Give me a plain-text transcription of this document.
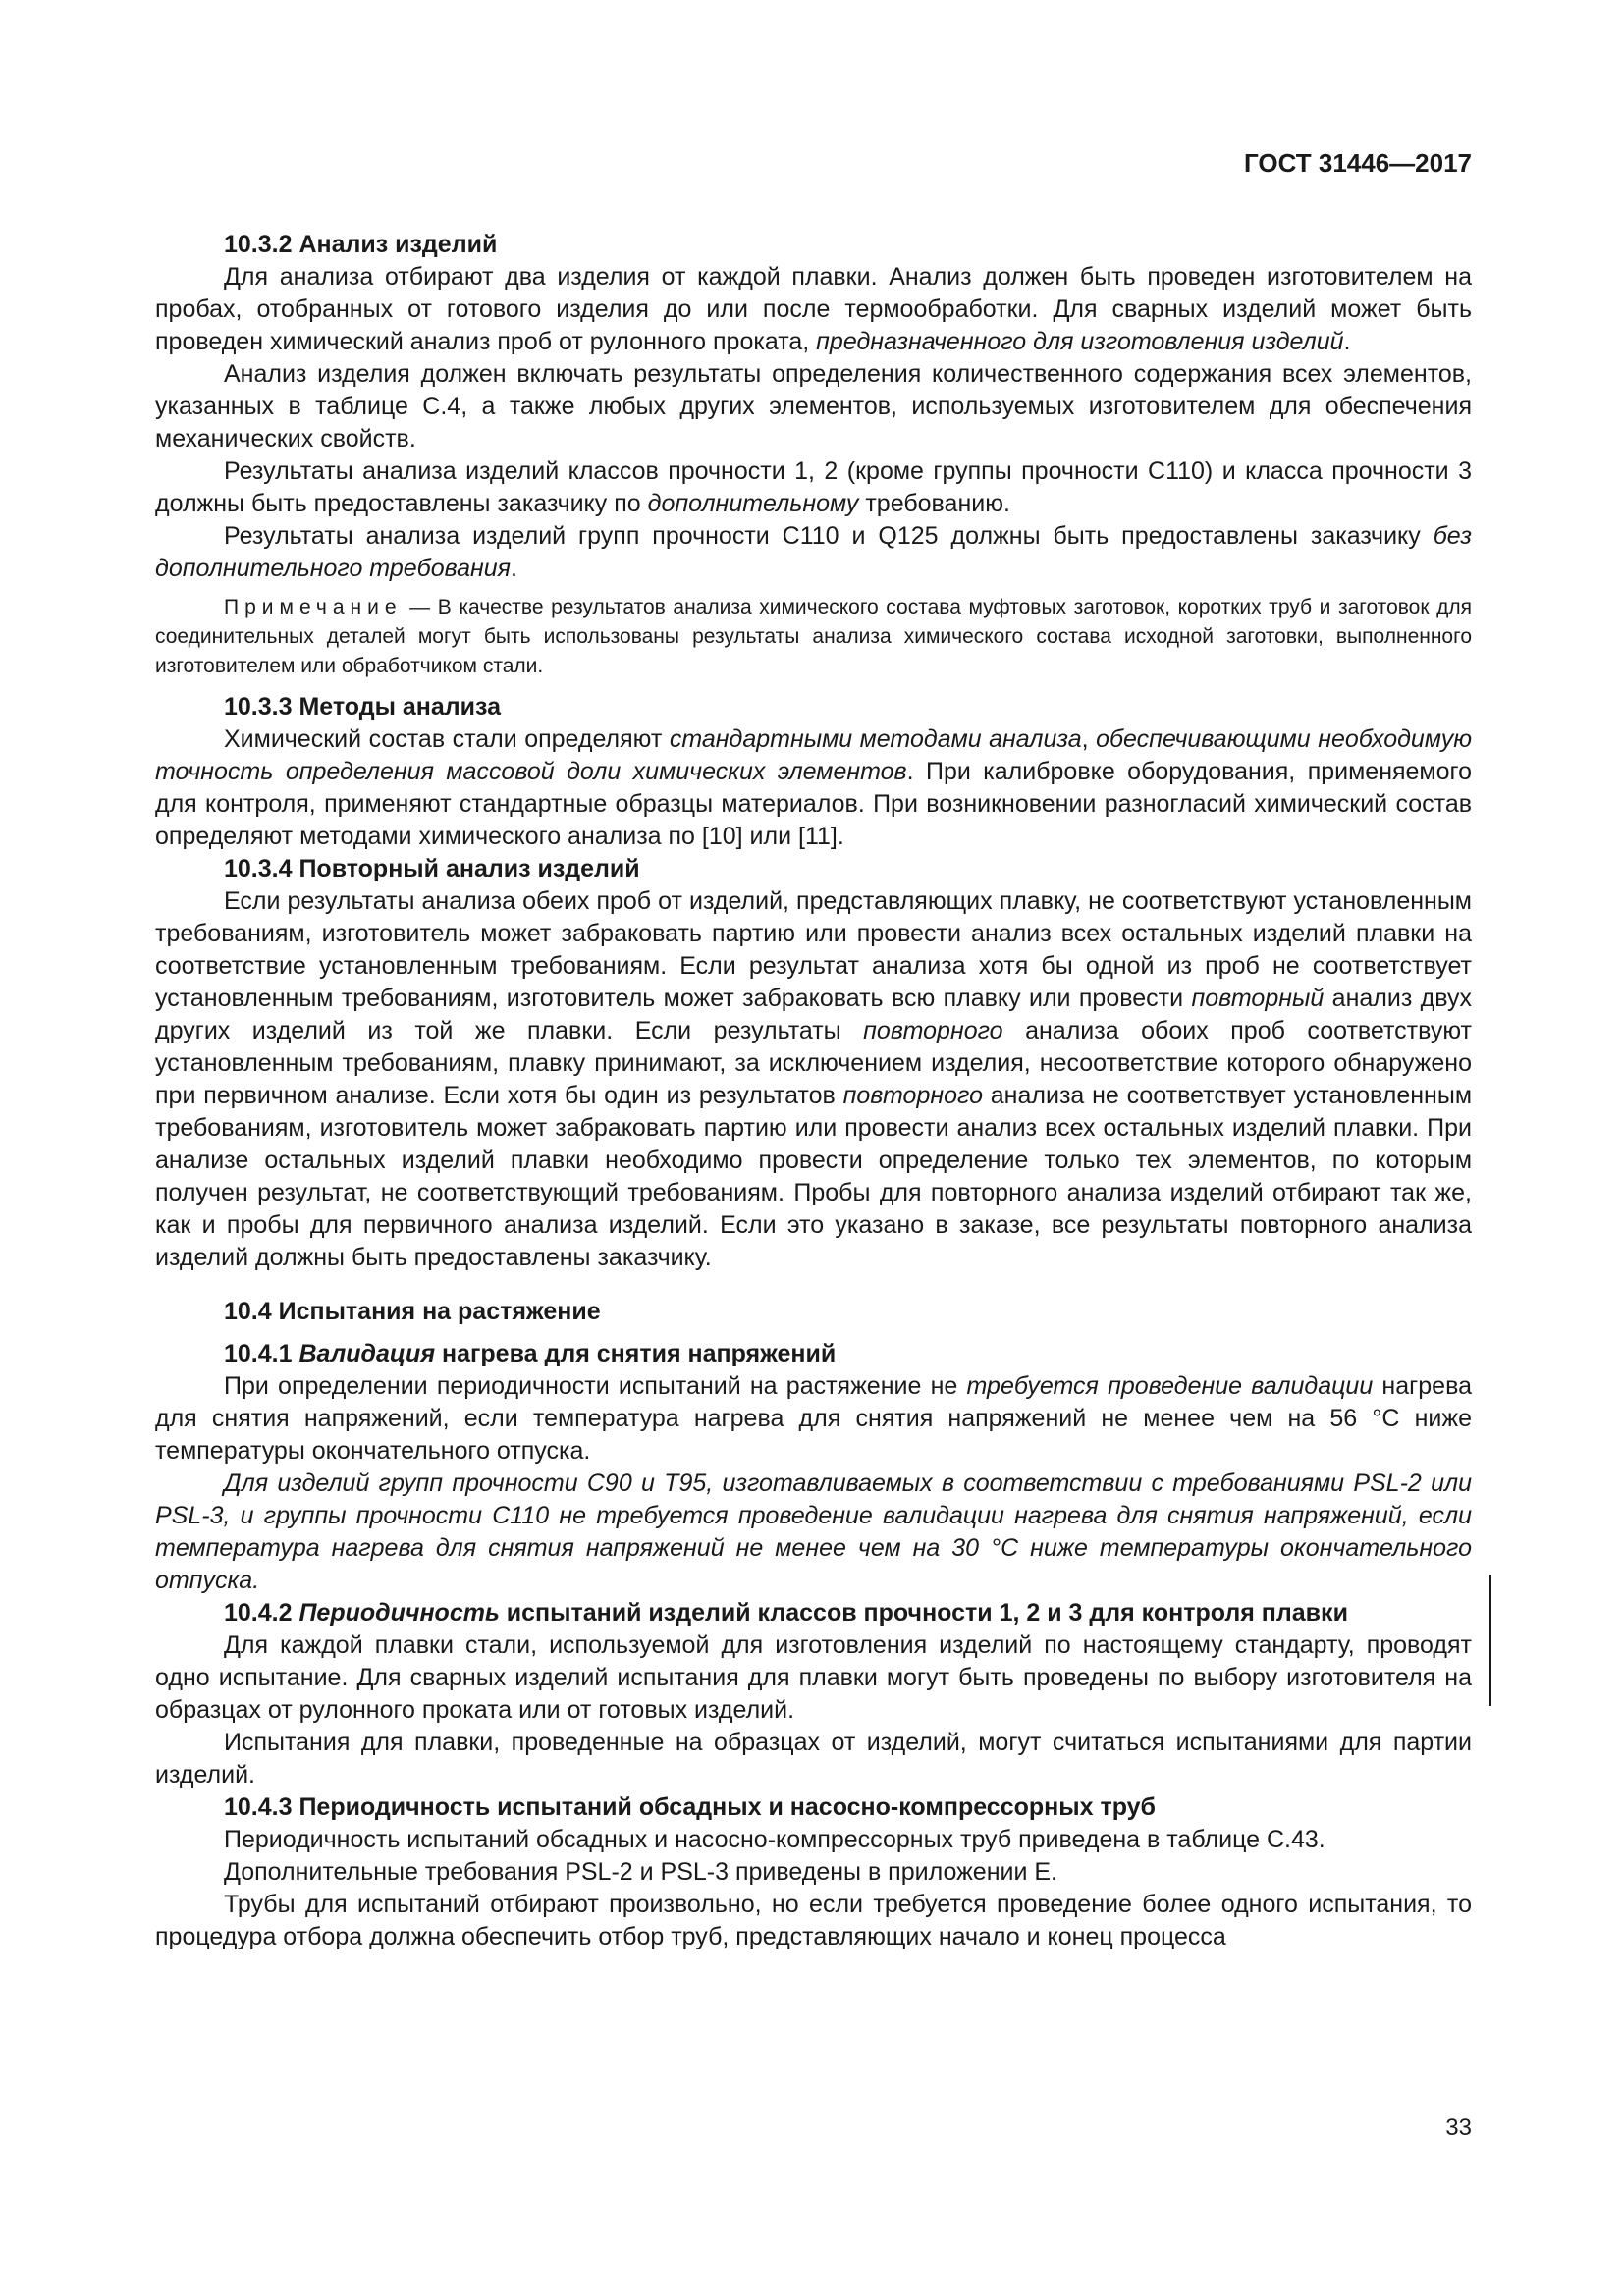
ГОСТ 31446—2017
10.3.2 Анализ изделий

Для анализа отбирают два изделия от каждой плавки. Анализ должен быть проведен изготовителем на пробах, отобранных от готового изделия до или после термообработки. Для сварных изделий может быть проведен химический анализ проб от рулонного проката, предназначенного для изготовления изделий.

Анализ изделия должен включать результаты определения количественного содержания всех элементов, указанных в таблице С.4, а также любых других элементов, используемых изготовителем для обеспечения механических свойств.

Результаты анализа изделий классов прочности 1, 2 (кроме группы прочности С110) и класса прочности 3 должны быть предоставлены заказчику по дополнительному требованию.

Результаты анализа изделий групп прочности С110 и Q125 должны быть предоставлены заказчику без дополнительного требования.

Примечание — В качестве результатов анализа химического состава муфтовых заготовок, коротких труб и заготовок для соединительных деталей могут быть использованы результаты анализа химического состава исходной заготовки, выполненного изготовителем или обработчиком стали.

10.3.3 Методы анализа

Химический состав стали определяют стандартными методами анализа, обеспечивающими необходимую точность определения массовой доли химических элементов. При калибровке оборудования, применяемого для контроля, применяют стандартные образцы материалов. При возникновении разногласий химический состав определяют методами химического анализа по [10] или [11].

10.3.4 Повторный анализ изделий

Если результаты анализа обеих проб от изделий, представляющих плавку, не соответствуют установленным требованиям, изготовитель может забраковать партию или провести анализ всех остальных изделий плавки на соответствие установленным требованиям. Если результат анализа хотя бы одной из проб не соответствует установленным требованиям, изготовитель может забраковать всю плавку или провести повторный анализ двух других изделий из той же плавки. Если результаты повторного анализа обоих проб соответствуют установленным требованиям, плавку принимают, за исключением изделия, несоответствие которого обнаружено при первичном анализе. Если хотя бы один из результатов повторного анализа не соответствует установленным требованиям, изготовитель может забраковать партию или провести анализ всех остальных изделий плавки. При анализе остальных изделий плавки необходимо провести определение только тех элементов, по которым получен результат, не соответствующий требованиям. Пробы для повторного анализа изделий отбирают так же, как и пробы для первичного анализа изделий. Если это указано в заказе, все результаты повторного анализа изделий должны быть предоставлены заказчику.

10.4 Испытания на растяжение
10.4.1 Валидация нагрева для снятия напряжений

При определении периодичности испытаний на растяжение не требуется проведение валидации нагрева для снятия напряжений, если температура нагрева для снятия напряжений не менее чем на 56 °С ниже температуры окончательного отпуска.

Для изделий групп прочности С90 и Т95, изготавливаемых в соответствии с требованиями PSL-2 или PSL-3, и группы прочности С110 не требуется проведение валидации нагрева для снятия напряжений, если температура нагрева для снятия напряжений не менее чем на 30 °С ниже температуры окончательного отпуска.

10.4.2 Периодичность испытаний изделий классов прочности 1, 2 и 3 для контроля плавки

Для каждой плавки стали, используемой для изготовления изделий по настоящему стандарту, проводят одно испытание. Для сварных изделий испытания для плавки могут быть проведены по выбору изготовителя на образцах от рулонного проката или от готовых изделий.

Испытания для плавки, проведенные на образцах от изделий, могут считаться испытаниями для партии изделий.

10.4.3 Периодичность испытаний обсадных и насосно-компрессорных труб

Периодичность испытаний обсадных и насосно-компрессорных труб приведена в таблице С.43.

Дополнительные требования PSL-2 и PSL-3 приведены в приложении Е.

Трубы для испытаний отбирают произвольно, но если требуется проведение более одного испытания, то процедура отбора должна обеспечить отбор труб, представляющих начало и конец процесса

33
